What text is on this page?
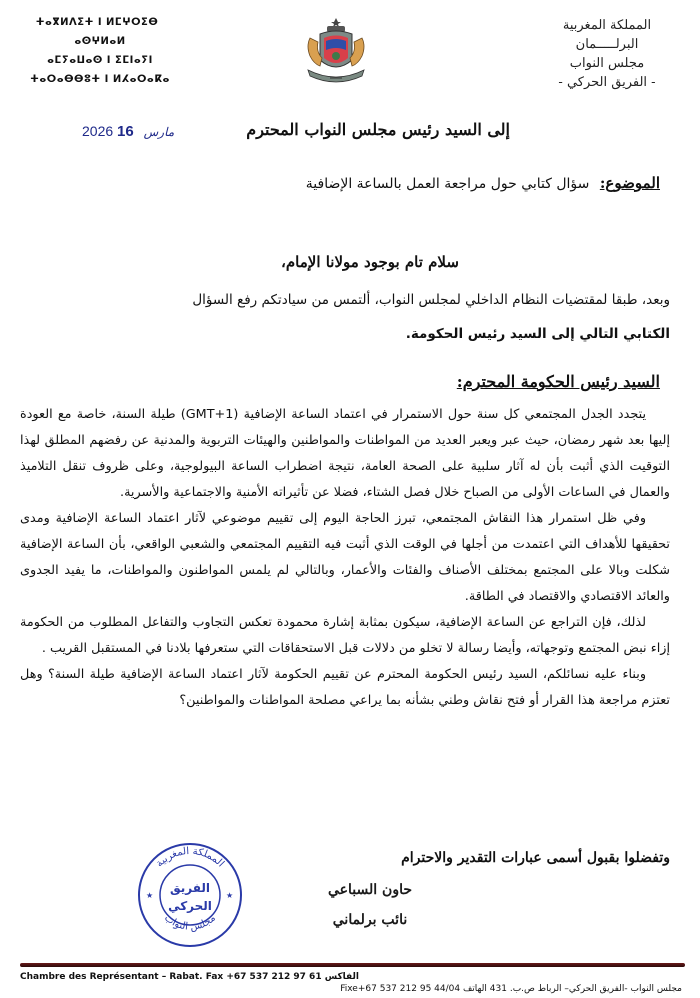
ⵜⴰⴳⵍⴷⵉⵜ ⵏ ⵍⵎⵖⵔⵉⴱ
ⴰⵙⵖⵍⴰⵍ
ⴰⵎⵢⴰⵡⴰⵙ ⵏ ⵉⵎⵏⴰⵢⵏ
ⵜⴰⵔⴰⴱⴱⵓⵜ ⵏ ⵍⵃⴰⵔⴰⴽⴰ
2026	مارس 16
المملكة المغربية
البرلـــــمان
مجلس النواب
- الفريق الحركي -
إلى السيد رئيس مجلس النواب المحترم
الموضوع: سؤال كتابي حول مراجعة العمل بالساعة الإضافية
سلام تام بوجود مولانا الإمام،
وبعد، طبقا لمقتضيات النظام الداخلي لمجلس النواب، ألتمس من سيادتكم رفع السؤال
الكتابي التالي إلى السيد رئيس الحكومة.
السيد رئيس الحكومة المحترم:

يتجدد الجدل المجتمعي كل سنة حول الاستمرار في اعتماد الساعة الإضافية (GMT+1) طيلة السنة، خاصة مع العودة إليها بعد شهر رمضان، حيث عبر ويعبر العديد من المواطنات والمواطنين والهيئات التربوية والمدنية عن رفضهم المطلق لهذا التوقيت الذي أثبت بأن له آثار سلبية على الصحة العامة، نتيجة اضطراب الساعة البيولوجية، وعلى ظروف تنقل التلاميذ والعمال في الساعات الأولى من الصباح خلال فصل الشتاء، فضلا عن تأثيراته الأمنية والاجتماعية والأسرية.

وفي ظل استمرار هذا النقاش المجتمعي، تبرز الحاجة اليوم إلى تقييم موضوعي لآثار اعتماد الساعة الإضافية ومدى تحقيقها للأهداف التي اعتمدت من أجلها في الوقت الذي أثبت فيه التقييم المجتمعي والشعبي الواقعي، بأن الساعة الإضافية شكلت وبالا على المجتمع بمختلف الأصناف والفئات والأعمار، وبالتالي لم يلمس المواطنون والمواطنات، ما يفيد الجدوى والعائد الاقتصادي والاقتصاد في الطاقة.

لذلك، فإن التراجع عن الساعة الإضافية، سيكون بمثابة إشارة محمودة تعكس التجاوب والتفاعل المطلوب من الحكومة إزاء نبض المجتمع وتوجهاته، وأيضا رسالة لا تخلو من دلالات قبل الاستحقاقات التي ستعرفها بلادنا في المستقبل القريب .

وبناء عليه نسائلكم، السيد رئيس الحكومة المحترم عن تقييم الحكومة لآثار اعتماد الساعة الإضافية طيلة السنة؟ وهل تعتزم مراجعة هذا القرار أو فتح نقاش وطني بشأنه بما يراعي مصلحة المواطنات والمواطنين؟

المملكة المغربية
مجلس النواب
الفريق
الحركي
★	★
وتفضلوا بقبول أسمى عبارات التقدير والاحترام
حاون السباعي
نائب برلماني
Chambre des Représentant – Rabat. Fax +67 537 212 97 61 الفاكس
مجلس النواب -الفريق الحركي– الرباط ص.ب. 431 الهاتف 44/04 95 212 537 Fixe+67
